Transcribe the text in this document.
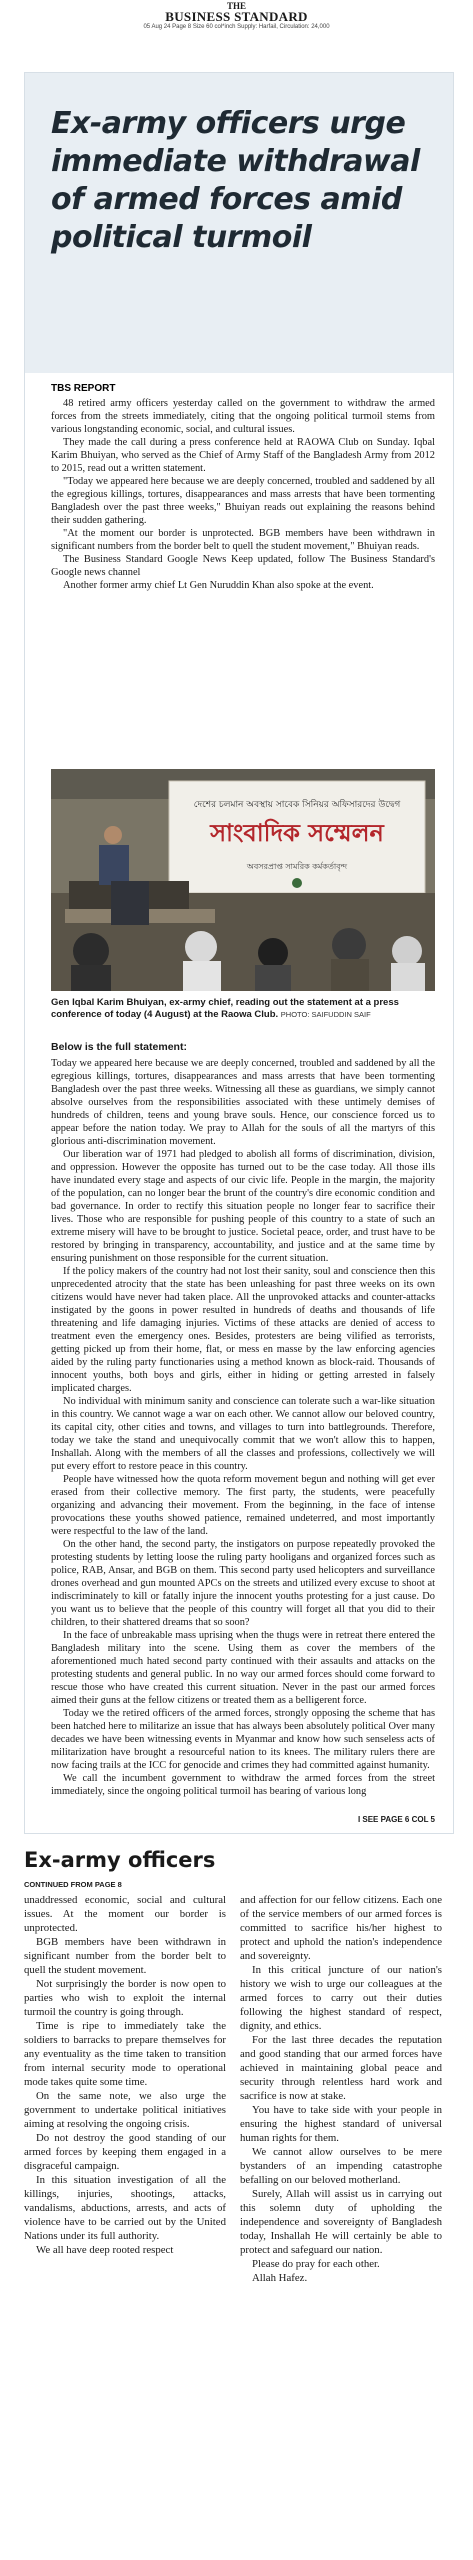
THE
BUSINESS STANDARD
05 Aug 24 Page 8 Size 60 col*inch Supply: Harfail, Circulation: 24,000
Ex-army officers urge immediate withdrawal of armed forces amid political turmoil
TBS REPORT

48 retired army officers yesterday called on the government to withdraw the armed forces from the streets immediately, citing that the ongoing political turmoil stems from various longstanding economic, social, and cultural issues.

They made the call during a press conference held at RAOWA Club on Sunday. Iqbal Karim Bhuiyan, who served as the Chief of Army Staff of the Bangladesh Army from 2012 to 2015, read out a written statement.

"Today we appeared here because we are deeply concerned, troubled and saddened by all the egregious killings, tortures, disappearances and mass arrests that have been tormenting Bangladesh over the past three weeks," Bhuiyan reads out explaining the reasons behind their sudden gathering.

"At the moment our border is unprotected. BGB members have been withdrawn in significant numbers from the border belt to quell the student movement," Bhuiyan reads.

The Business Standard Google News Keep updated, follow The Business Standard's Google news channel

Another former army chief Lt Gen Nuruddin Khan also spoke at the event.

দেশের চলমান অবস্থায় সাবেক সিনিয়র অফিসারদের উদ্বেগ
সাংবাদিক সম্মেলন
অবসরপ্রাপ্ত সামরিক কর্মকর্তাবৃন্দ
Gen Iqbal Karim Bhuiyan, ex-army chief, reading out the statement at a press conference of today (4 August) at the Raowa Club. PHOTO: SAIFUDDIN SAIF
Below is the full statement:

Today we appeared here because we are deeply concerned, troubled and saddened by all the egregious killings, tortures, disappearances and mass arrests that have been tormenting Bangladesh over the past three weeks. Witnessing all these as guardians, we simply cannot absolve ourselves from the responsibilities associated with these untimely demises of hundreds of children, teens and young brave souls. Hence, our conscience forced us to appear before the nation today. We pray to Allah for the souls of all the martyrs of this glorious anti-discrimination movement.

Our liberation war of 1971 had pledged to abolish all forms of discrimination, division, and oppression. However the opposite has turned out to be the case today. All those ills have inundated every stage and aspects of our civic life. People in the margin, the majority of the population, can no longer bear the brunt of the country's dire economic condition and bad governance. In order to rectify this situation people no longer fear to sacrifice their lives. Those who are responsible for pushing people of this country to a state of such an extreme misery will have to be brought to justice. Societal peace, order, and trust have to be restored by bringing in transparency, accountability, and justice and at the same time by ensuring punishment on those responsible for the current situation.

If the policy makers of the country had not lost their sanity, soul and conscience then this unprecedented atrocity that the state has been unleashing for past three weeks on its own citizens would have never had taken place. All the unprovoked attacks and counter-attacks instigated by the goons in power resulted in hundreds of deaths and thousands of life threatening and life damaging injuries. Victims of these attacks are denied of access to treatment even the emergency ones. Besides, protesters are being vilified as terrorists, getting picked up from their home, flat, or mess en masse by the law enforcing agencies aided by the ruling party functionaries using a method known as block-raid. Thousands of innocent youths, both boys and girls, either in hiding or getting arrested in falsely implicated charges.

No individual with minimum sanity and conscience can tolerate such a war-like situation in this country. We cannot wage a war on each other. We cannot allow our beloved country, its capital city, other cities and towns, and villages to turn into battlegrounds. Therefore, today we take the stand and unequivocally commit that we won't allow this to happen, Inshallah. Along with the members of all the classes and professions, collectively we will put every effort to restore peace in this country.

People have witnessed how the quota reform movement begun and nothing will get ever erased from their collective memory. The first party, the students, were peacefully organizing and advancing their movement. From the beginning, in the face of intense provocations these youths showed patience, remained undeterred, and most importantly were respectful to the law of the land.

On the other hand, the second party, the instigators on purpose repeatedly provoked the protesting students by letting loose the ruling party hooligans and organized forces such as police, RAB, Ansar, and BGB on them. This second party used helicopters and surveillance drones overhead and gun mounted APCs on the streets and utilized every excuse to shoot at indiscriminately to kill or fatally injure the innocent youths protesting for a just cause. Do you want us to believe that the people of this country will forget all that you did to their children, to their shattered dreams that so soon?

In the face of unbreakable mass uprising when the thugs were in retreat there entered the Bangladesh military into the scene. Using them as cover the members of the aforementioned much hated second party continued with their assaults and attacks on the protesting students and general public. In no way our armed forces should come forward to rescue those who have created this current situation. Never in the past our armed forces aimed their guns at the fellow citizens or treated them as a belligerent force.

Today we the retired officers of the armed forces, strongly opposing the scheme that has been hatched here to militarize an issue that has always been absolutely political Over many decades we have been witnessing events in Myanmar and know how such senseless acts of militarization have brought a resourceful nation to its knees. The military rulers there are now facing trails at the ICC for genocide and crimes they had committed against humanity.

We call the incumbent government to withdraw the armed forces from the street immediately, since the ongoing political turmoil has bearing of various long

I SEE PAGE 6 COL 5
Ex-army officers
CONTINUED FROM PAGE 8

unaddressed economic, social and cultural issues. At the moment our border is unprotected.

BGB members have been withdrawn in significant number from the border belt to quell the student movement.

Not surprisingly the border is now open to parties who wish to exploit the internal turmoil the country is going through.

Time is ripe to immediately take the soldiers to barracks to prepare themselves for any eventuality as the time taken to transition from internal security mode to operational mode takes quite some time.

On the same note, we also urge the government to undertake political initiatives aiming at resolving the ongoing crisis.

Do not destroy the good standing of our armed forces by keeping them engaged in a disgraceful campaign.

In this situation investigation of all the killings, injuries, shootings, attacks, vandalisms, abductions, arrests, and acts of violence have to be carried out by the United Nations under its full authority.

We all have deep rooted respect

and affection for our fellow citizens. Each one of the service members of our armed forces is committed to sacrifice his/her highest to protect and uphold the nation's independence and sovereignty.

In this critical juncture of our nation's history we wish to urge our colleagues at the armed forces to carry out their duties following the highest standard of respect, dignity, and ethics.

For the last three decades the reputation and good standing that our armed forces have achieved in maintaining global peace and security through relentless hard work and sacrifice is now at stake.

You have to take side with your people in ensuring the highest standard of universal human rights for them.

We cannot allow ourselves to be mere bystanders of an impending catastrophe befalling on our beloved motherland.

Surely, Allah will assist us in carrying out this solemn duty of upholding the independence and sovereignty of Bangladesh today, Inshallah He will certainly be able to protect and safeguard our nation.

Please do pray for each other.

Allah Hafez.
